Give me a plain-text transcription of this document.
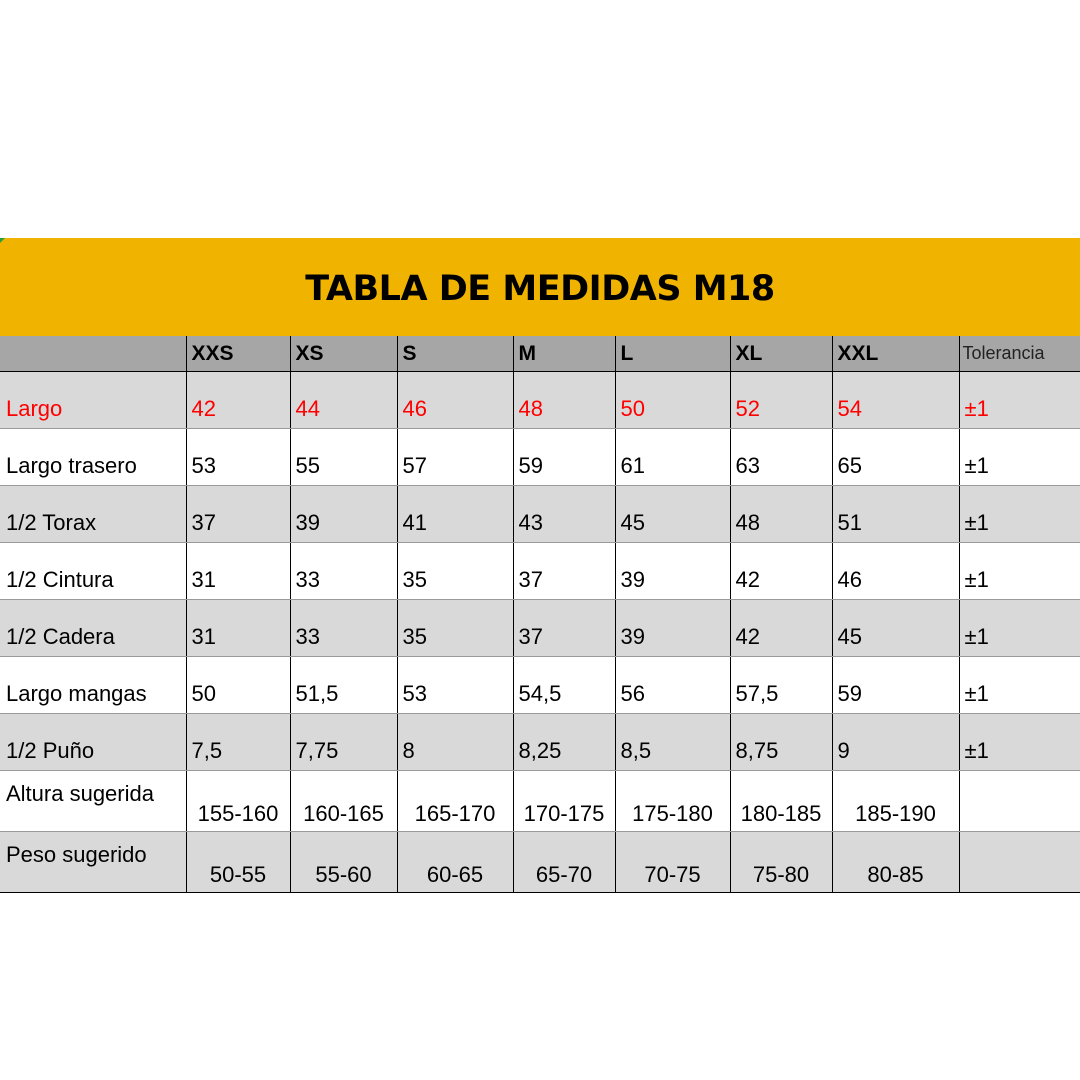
TABLA DE MEDIDAS M18
	XXS	XS	S	M	L	XL	XXL	Tolerancia
Largo	42	44	46	48	50	52	54	±1
Largo trasero	53	55	57	59	61	63	65	±1
1/2 Torax	37	39	41	43	45	48	51	±1
1/2 Cintura	31	33	35	37	39	42	46	±1
1/2 Cadera	31	33	35	37	39	42	45	±1
Largo mangas	50	51,5	53	54,5	56	57,5	59	±1
1/2 Puño	7,5	7,75	8	8,25	8,5	8,75	9	±1
Altura sugerida	155-160	160-165	165-170	170-175	175-180	180-185	185-190	
Peso sugerido	50-55	55-60	60-65	65-70	70-75	75-80	80-85	
